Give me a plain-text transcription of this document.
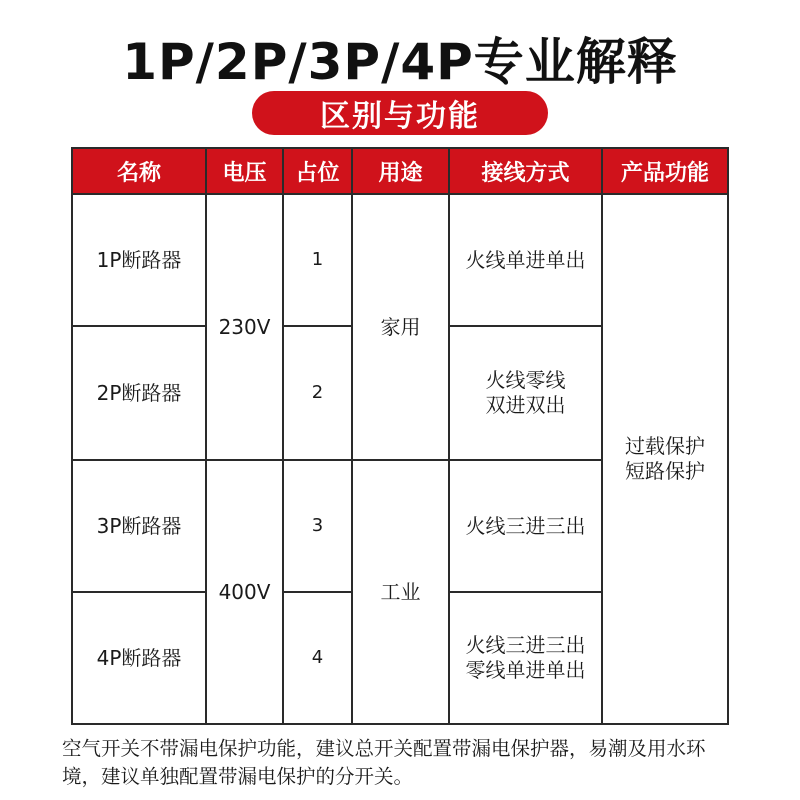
1P/2P/3P/4P专业解释
区别与功能
名称	电压	占位	用途	接线方式	产品功能
1P断路器	230V	1	家用	火线单进单出	过载保护
短路保护

2P断路器		2		火线零线
双进双出	

3P断路器	400V	3	工业	火线三进三出	

4P断路器		4		火线三进三出
零线单进单出	
空气开关不带漏电保护功能，建议总开关配置带漏电保护器，易潮及用水环境，建议单独配置带漏电保护的分开关。
